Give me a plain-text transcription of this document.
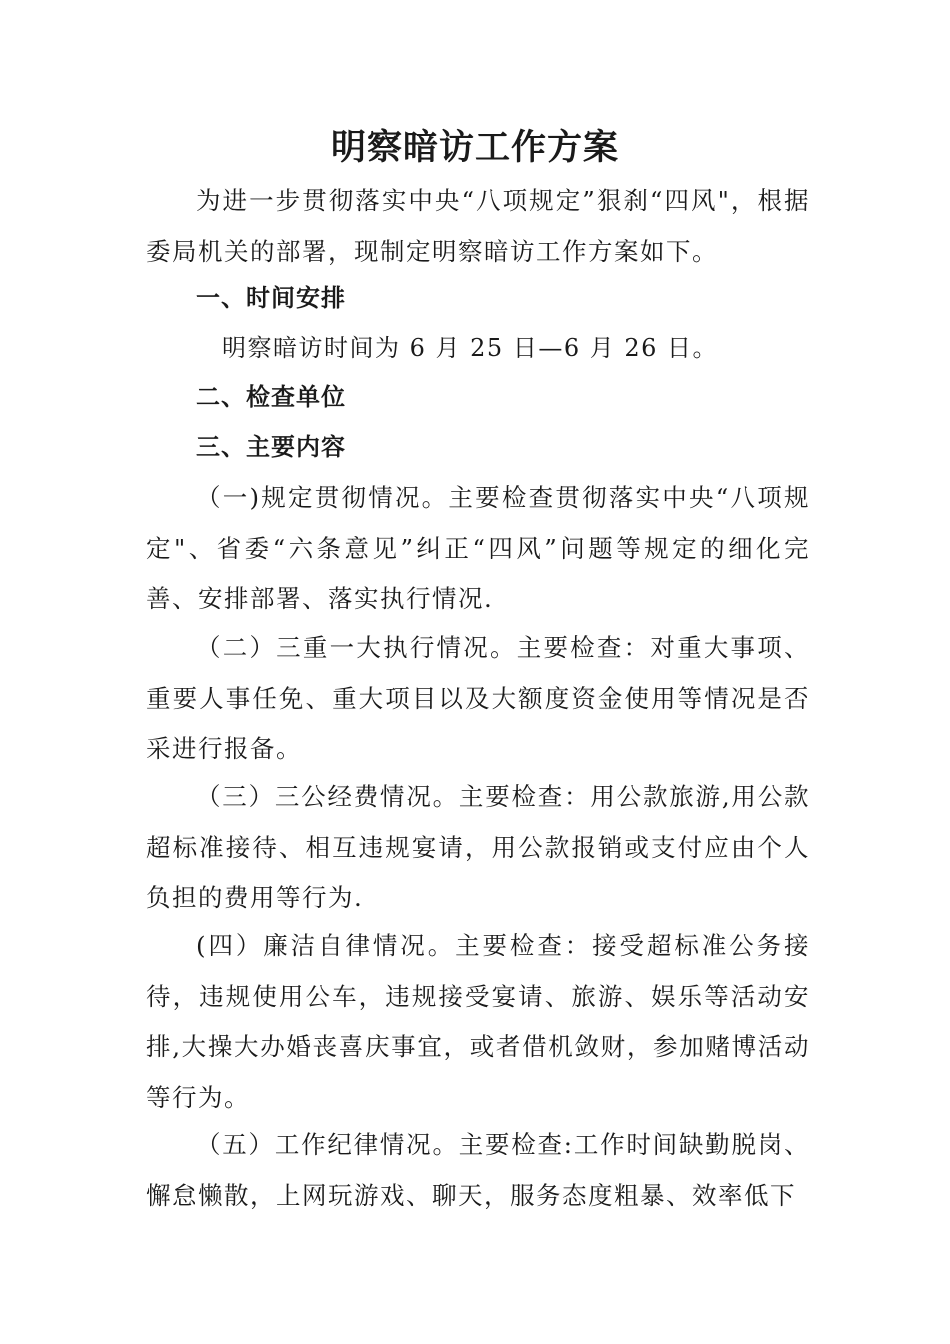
明察暗访工作方案
为进一步贯彻落实中央“八项规定”狠刹“四风"，根据委局机关的部署，现制定明察暗访工作方案如下。
一、时间安排
明察暗访时间为 6 月 25 日—6 月 26 日。
二、检查单位
三、主要内容
（一)规定贯彻情况。主要检查贯彻落实中央“八项规定"、省委“六条意见”纠正“四风”问题等规定的细化完善、安排部署、落实执行情况.
（二）三重一大执行情况。主要检查：对重大事项、重要人事任免、重大项目以及大额度资金使用等情况是否采进行报备。
（三）三公经费情况。主要检查：用公款旅游,用公款超标准接待、相互违规宴请，用公款报销或支付应由个人负担的费用等行为.
(四）廉洁自律情况。主要检查：接受超标准公务接待，违规使用公车，违规接受宴请、旅游、娱乐等活动安排,大操大办婚丧喜庆事宜，或者借机敛财，参加赌博活动等行为。
（五）工作纪律情况。主要检查:工作时间缺勤脱岗、懈怠懒散，上网玩游戏、聊天，服务态度粗暴、效率低下
